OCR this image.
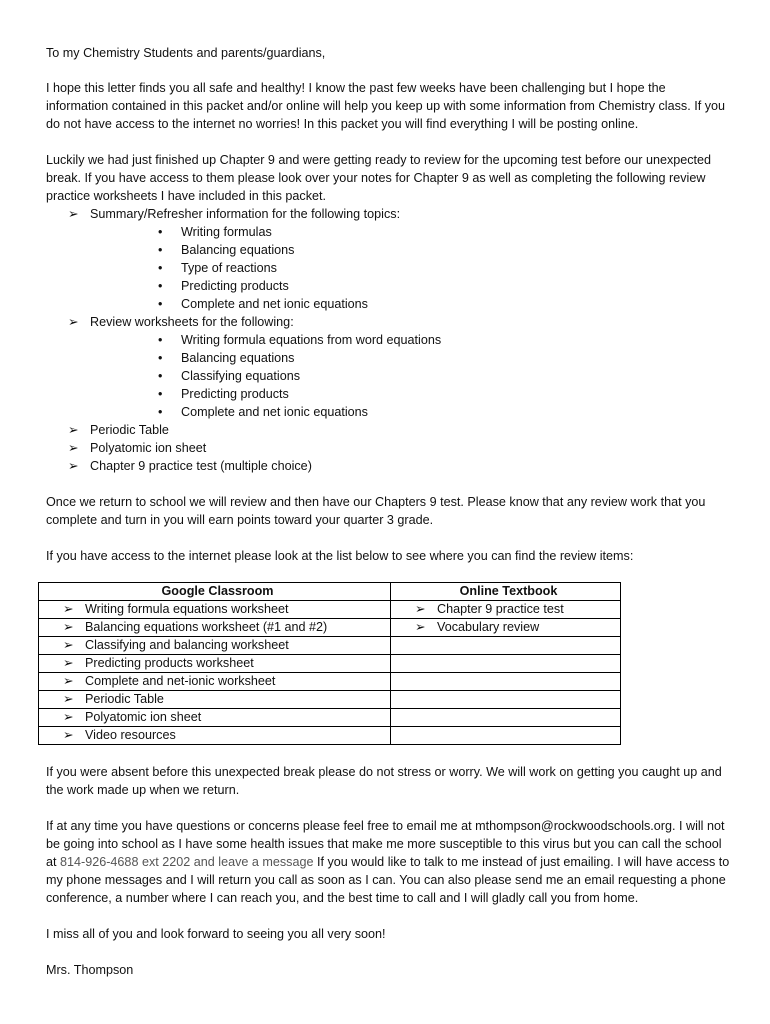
To my Chemistry Students and parents/guardians,

I hope this letter finds you all safe and healthy! I know the past few weeks have been challenging but I hope the information contained in this packet and/or online will help you keep up with some information from Chemistry class. If you do not have access to the internet no worries! In this packet you will find everything I will be posting online.

Luckily we had just finished up Chapter 9 and were getting ready to review for the upcoming test before our unexpected break. If you have access to them please look over your notes for Chapter 9 as well as completing the following review practice worksheets I have included in this packet.

➢ Summary/Refresher information for the following topics:
• Writing formulas
• Balancing equations
• Type of reactions
• Predicting products
• Complete and net ionic equations
➢ Review worksheets for the following:
• Writing formula equations from word equations
• Balancing equations
• Classifying equations
• Predicting products
• Complete and net ionic equations
➢ Periodic Table
➢ Polyatomic ion sheet
➢ Chapter 9 practice test (multiple choice)

Once we return to school we will review and then have our Chapters 9 test. Please know that any review work that you complete and turn in you will earn points toward your quarter 3 grade.

If you have access to the internet please look at the list below to see where you can find the review items:

Google Classroom	Online Textbook
➢ Writing formula equations worksheet	➢ Chapter 9 practice test
➢ Balancing equations worksheet (#1 and #2)	➢ Vocabulary review
➢ Classifying and balancing worksheet	
➢ Predicting products worksheet	
➢ Complete and net-ionic worksheet	
➢ Periodic Table	
➢ Polyatomic ion sheet	
➢ Video resources	

If you were absent before this unexpected break please do not stress or worry. We will work on getting you caught up and the work made up when we return.

If at any time you have questions or concerns please feel free to email me at mthompson@rockwoodschools.org. I will not be going into school as I have some health issues that make me more susceptible to this virus but you can call the school at 814-926-4688 ext 2202 and leave a message If you would like to talk to me instead of just emailing. I will have access to my phone messages and I will return you call as soon as I can. You can also please send me an email requesting a phone conference, a number where I can reach you, and the best time to call and I will gladly call you from home.

I miss all of you and look forward to seeing you all very soon!

Mrs. Thompson
